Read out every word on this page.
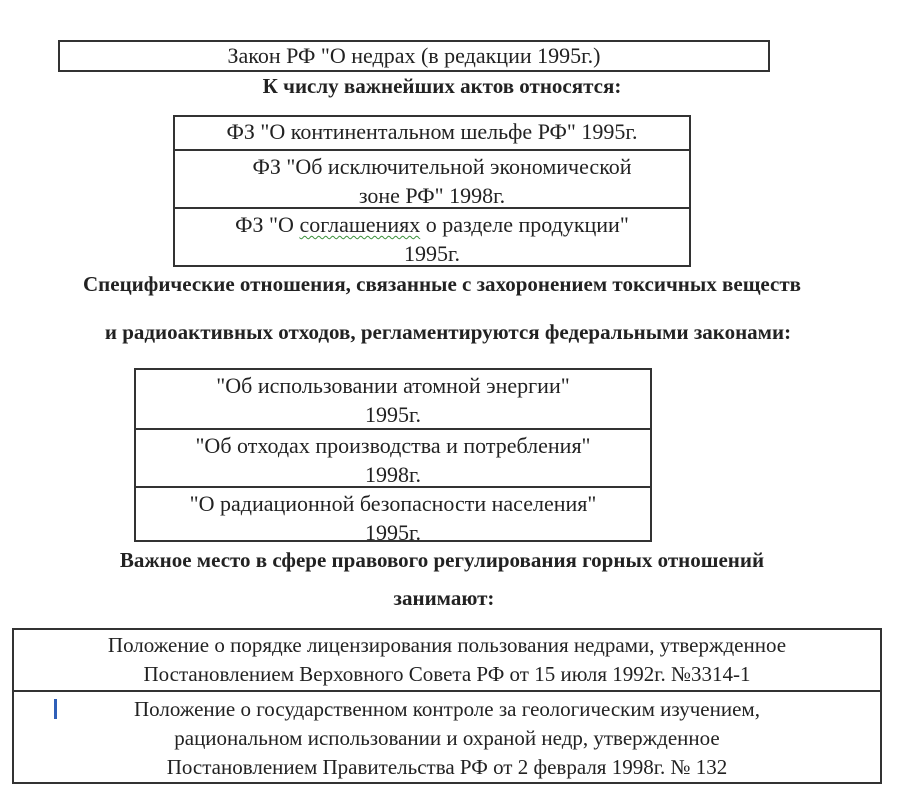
Закон РФ "О недрах (в редакции 1995г.)
К числу важнейших актов относятся:
ФЗ "О континентальном шельфе РФ" 1995г.
ФЗ "Об исключительной экономической
зоне РФ" 1998г.
ФЗ "О соглашениях о разделе продукции"
1995г.
Специфические отношения, связанные с захоронением токсичных веществ
и радиоактивных отходов, регламентируются федеральными законами:
"Об использовании атомной энергии"
1995г.
"Об отходах производства и потребления"
1998г.
"О радиационной безопасности населения"
1995г.
Важное место в сфере правового регулирования горных отношений
занимают:
Положение о порядке лицензирования пользования недрами, утвержденное
Постановлением Верховного Совета РФ от 15 июля 1992г. №3314-1
Положение о государственном контроле за геологическим изучением,
рациональном использовании и охраной недр, утвержденное
Постановлением Правительства РФ от 2 февраля 1998г. № 132
